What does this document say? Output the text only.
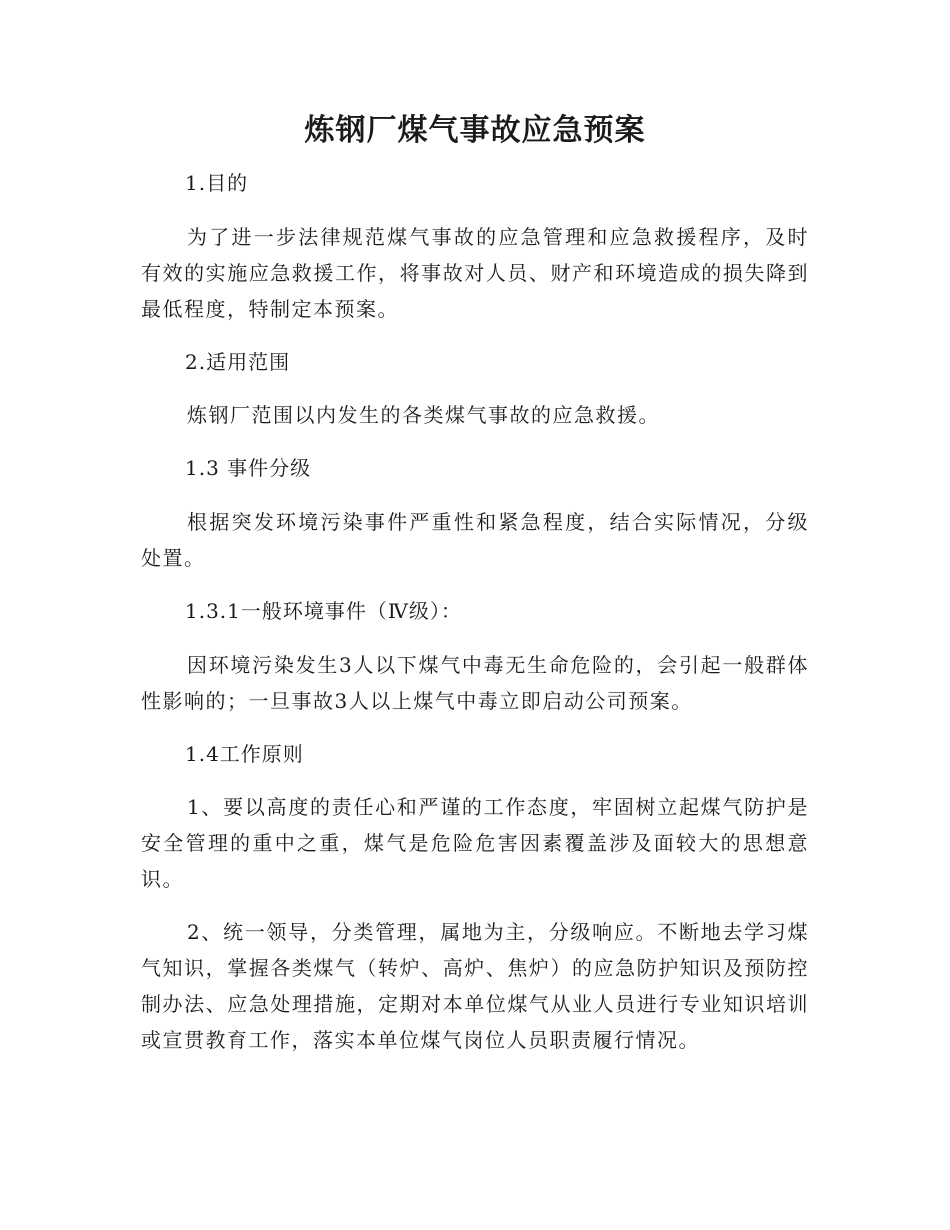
炼钢厂煤气事故应急预案
1.目的
为了进一步法律规范煤气事故的应急管理和应急救援程序，及时有效的实施应急救援工作，将事故对人员、财产和环境造成的损失降到最低程度，特制定本预案。
2.适用范围
炼钢厂范围以内发生的各类煤气事故的应急救援。
1.3 事件分级
根据突发环境污染事件严重性和紧急程度，结合实际情况，分级处置。
1.3.1一般环境事件（Ⅳ级）：
因环境污染发生3人以下煤气中毒无生命危险的，会引起一般群体性影响的；一旦事故3人以上煤气中毒立即启动公司预案。
1.4工作原则
1、要以高度的责任心和严谨的工作态度，牢固树立起煤气防护是安全管理的重中之重，煤气是危险危害因素覆盖涉及面较大的思想意识。
2、统一领导，分类管理，属地为主，分级响应。不断地去学习煤气知识，掌握各类煤气（转炉、高炉、焦炉）的应急防护知识及预防控制办法、应急处理措施，定期对本单位煤气从业人员进行专业知识培训或宣贯教育工作，落实本单位煤气岗位人员职责履行情况。
